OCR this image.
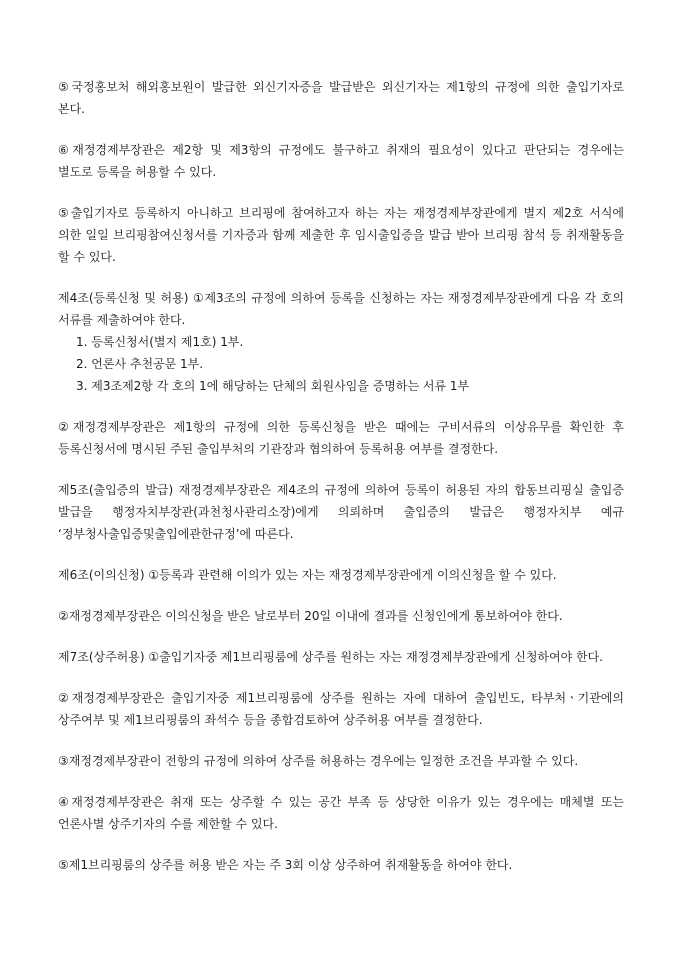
⑤국정홍보처 해외홍보원이 발급한 외신기자증을 발급받은 외신기자는 제1항의 규정에 의한 출입기자로 본다.

⑥재정경제부장관은 제2항 및 제3항의 규정에도 불구하고 취재의 필요성이 있다고 판단되는 경우에는 별도로 등록을 허용할 수 있다.

⑤출입기자로 등록하지 아니하고 브리핑에 참여하고자 하는 자는 재정경제부장관에게 별지 제2호 서식에 의한 일일 브리핑참여신청서를 기자증과 함께 제출한 후 임시출입증을 발급 받아 브리핑 참석 등 취재활동을 할 수 있다.

제4조(등록신청 및 허용) ①제3조의 규정에 의하여 등록을 신청하는 자는 재정경제부장관에게 다음 각 호의 서류를 제출하여야 한다.

1. 등록신청서(별지 제1호) 1부.
2. 언론사 추천공문 1부.
3. 제3조제2항 각 호의 1에 해당하는 단체의 회원사임을 증명하는 서류 1부

②재정경제부장관은 제1항의 규정에 의한 등록신청을 받은 때에는 구비서류의 이상유무를 확인한 후 등록신청서에 명시된 주된 출입부처의 기관장과 협의하여 등록허용 여부를 결정한다.

제5조(출입증의 발급) 재정경제부장관은 제4조의 규정에 의하여 등록이 허용된 자의 합동브리핑실 출입증 발급을 행정자치부장관(과천청사관리소장)에게 의뢰하며 출입증의 발급은 행정자치부 예규 ‘정부청사출입증및출입에관한규정’에 따른다.

제6조(이의신청) ①등록과 관련해 이의가 있는 자는 재정경제부장관에게 이의신청을 할 수 있다.

②재정경제부장관은 이의신청을 받은 날로부터 20일 이내에 결과를 신청인에게 통보하여야 한다.

제7조(상주허용) ①출입기자중 제1브리핑룸에 상주를 원하는 자는 재정경제부장관에게 신청하여야 한다.

②재정경제부장관은 출입기자중 제1브리핑룸에 상주를 원하는 자에 대하여 출입빈도, 타부처ㆍ기관에의 상주여부 및 제1브리핑룸의 좌석수 등을 종합검토하여 상주허용 여부를 결정한다.

③재정경제부장관이 전항의 규정에 의하여 상주를 허용하는 경우에는 일정한 조건을 부과할 수 있다.

④재정경제부장관은 취재 또는 상주할 수 있는 공간 부족 등 상당한 이유가 있는 경우에는 매체별 또는 언론사별 상주기자의 수를 제한할 수 있다.

⑤제1브리핑룸의 상주를 허용 받은 자는 주 3회 이상 상주하여 취재활동을 하여야 한다.
